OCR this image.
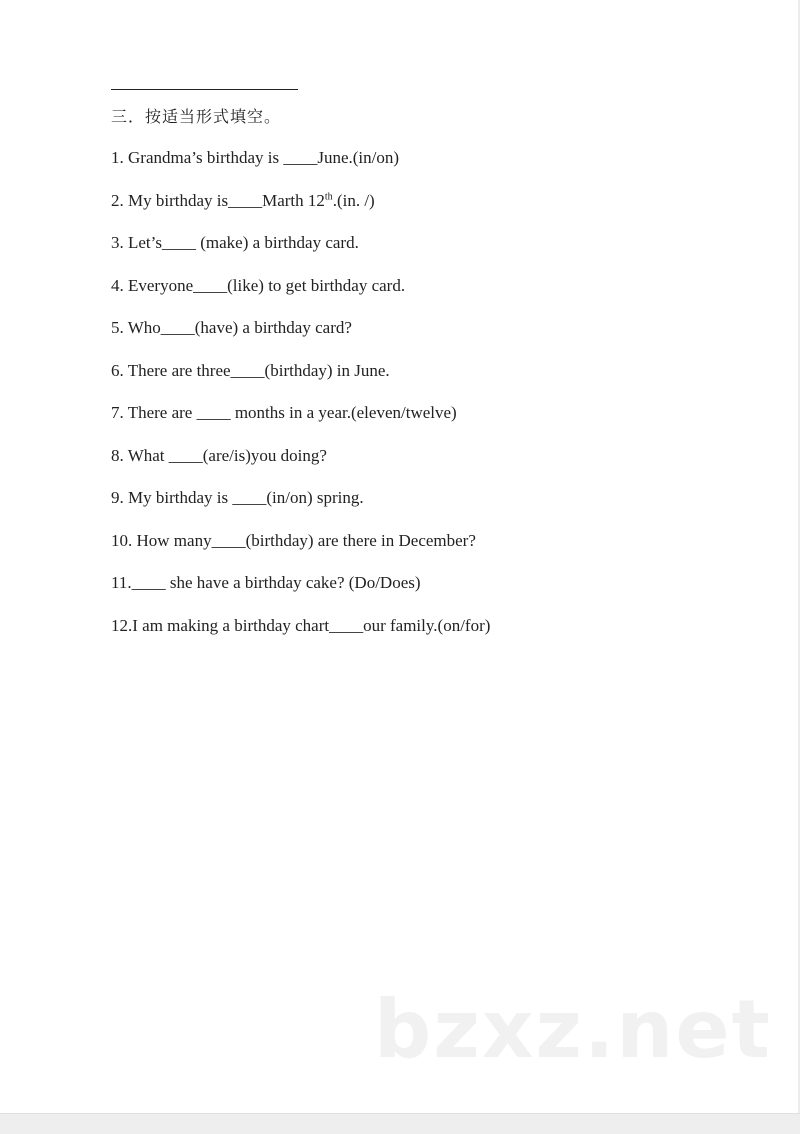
三．按适当形式填空。
1. Grandma’s birthday is ____June.(in/on)
2. My birthday is____Marth 12th.(in. /)
3. Let’s____ (make) a birthday card.
4. Everyone____(like) to get birthday card.
5. Who____(have) a birthday card?
6. There are three____(birthday) in June.
7. There are ____ months in a year.(eleven/twelve)
8. What ____(are/is)you doing?
9. My birthday is ____(in/on) spring.
10. How many____(birthday) are there in December?
11.____ she have a birthday cake? (Do/Does)
12.I am making a birthday chart____our family.(on/for)
bzxz.net
